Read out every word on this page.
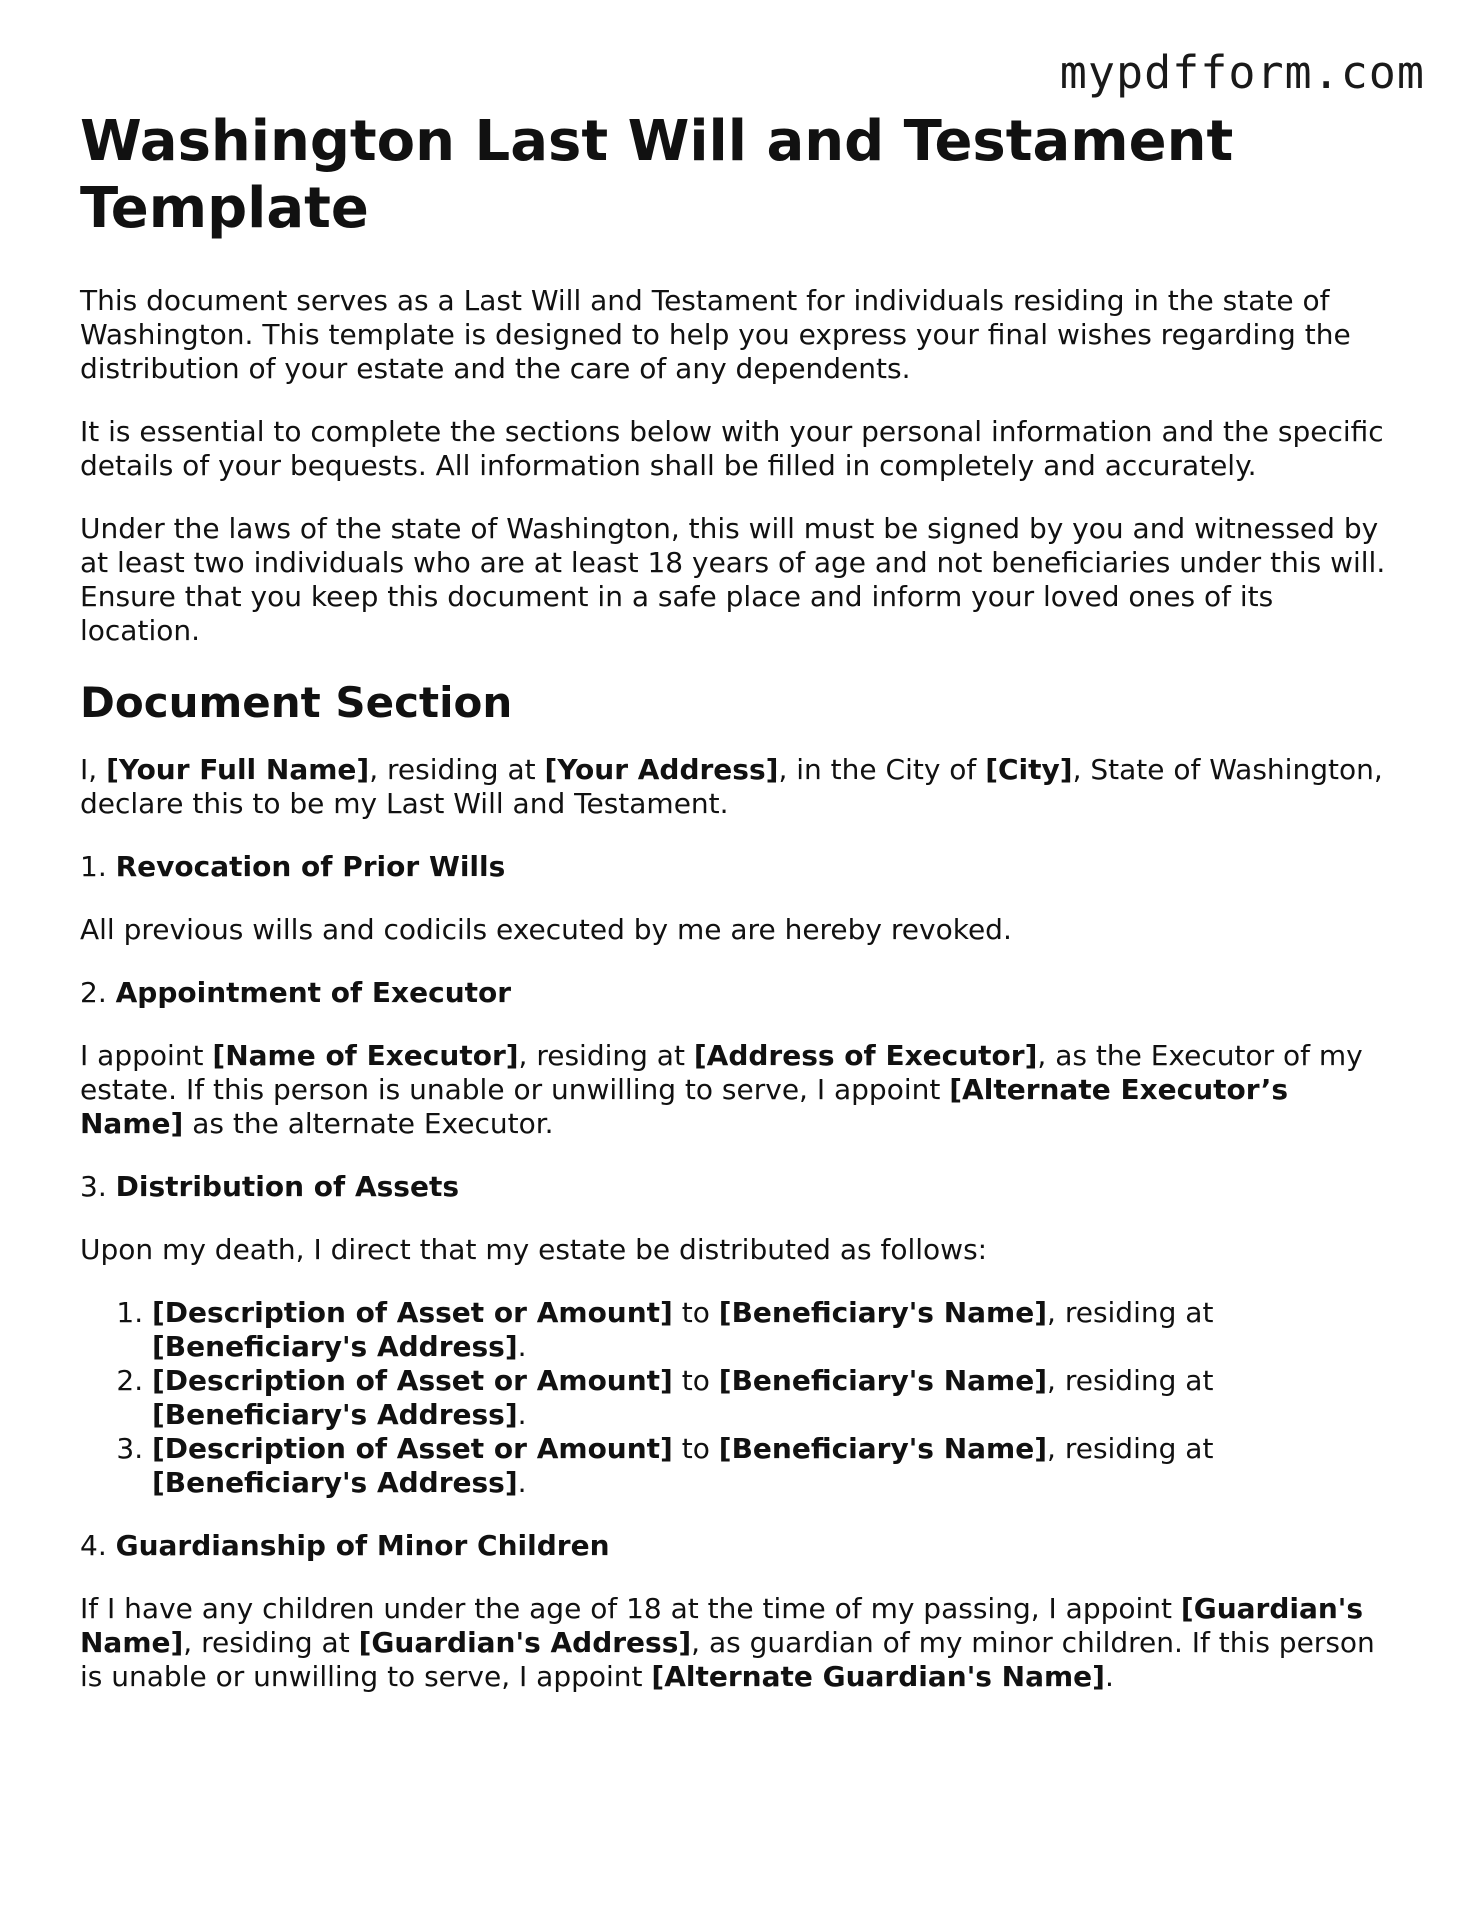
mypdfform.com
Washington Last Will and Testament Template

This document serves as a Last Will and Testament for individuals residing in the state of Washington. This template is designed to help you express your final wishes regarding the distribution of your estate and the care of any dependents.

It is essential to complete the sections below with your personal information and the specific details of your bequests. All information shall be filled in completely and accurately.

Under the laws of the state of Washington, this will must be signed by you and witnessed by at least two individuals who are at least 18 years of age and not beneficiaries under this will. Ensure that you keep this document in a safe place and inform your loved ones of its location.

Document Section

I, [Your Full Name], residing at [Your Address], in the City of [City], State of Washington, declare this to be my Last Will and Testament.

1. Revocation of Prior Wills

All previous wills and codicils executed by me are hereby revoked.

2. Appointment of Executor

I appoint [Name of Executor], residing at [Address of Executor], as the Executor of my estate. If this person is unable or unwilling to serve, I appoint [Alternate Executor’s Name] as the alternate Executor.

3. Distribution of Assets

Upon my death, I direct that my estate be distributed as follows:

1. [Description of Asset or Amount] to [Beneficiary's Name], residing at [Beneficiary's Address].
2. [Description of Asset or Amount] to [Beneficiary's Name], residing at [Beneficiary's Address].
3. [Description of Asset or Amount] to [Beneficiary's Name], residing at [Beneficiary's Address].

4. Guardianship of Minor Children

If I have any children under the age of 18 at the time of my passing, I appoint [Guardian's Name], residing at [Guardian's Address], as guardian of my minor children. If this person is unable or unwilling to serve, I appoint [Alternate Guardian's Name].
